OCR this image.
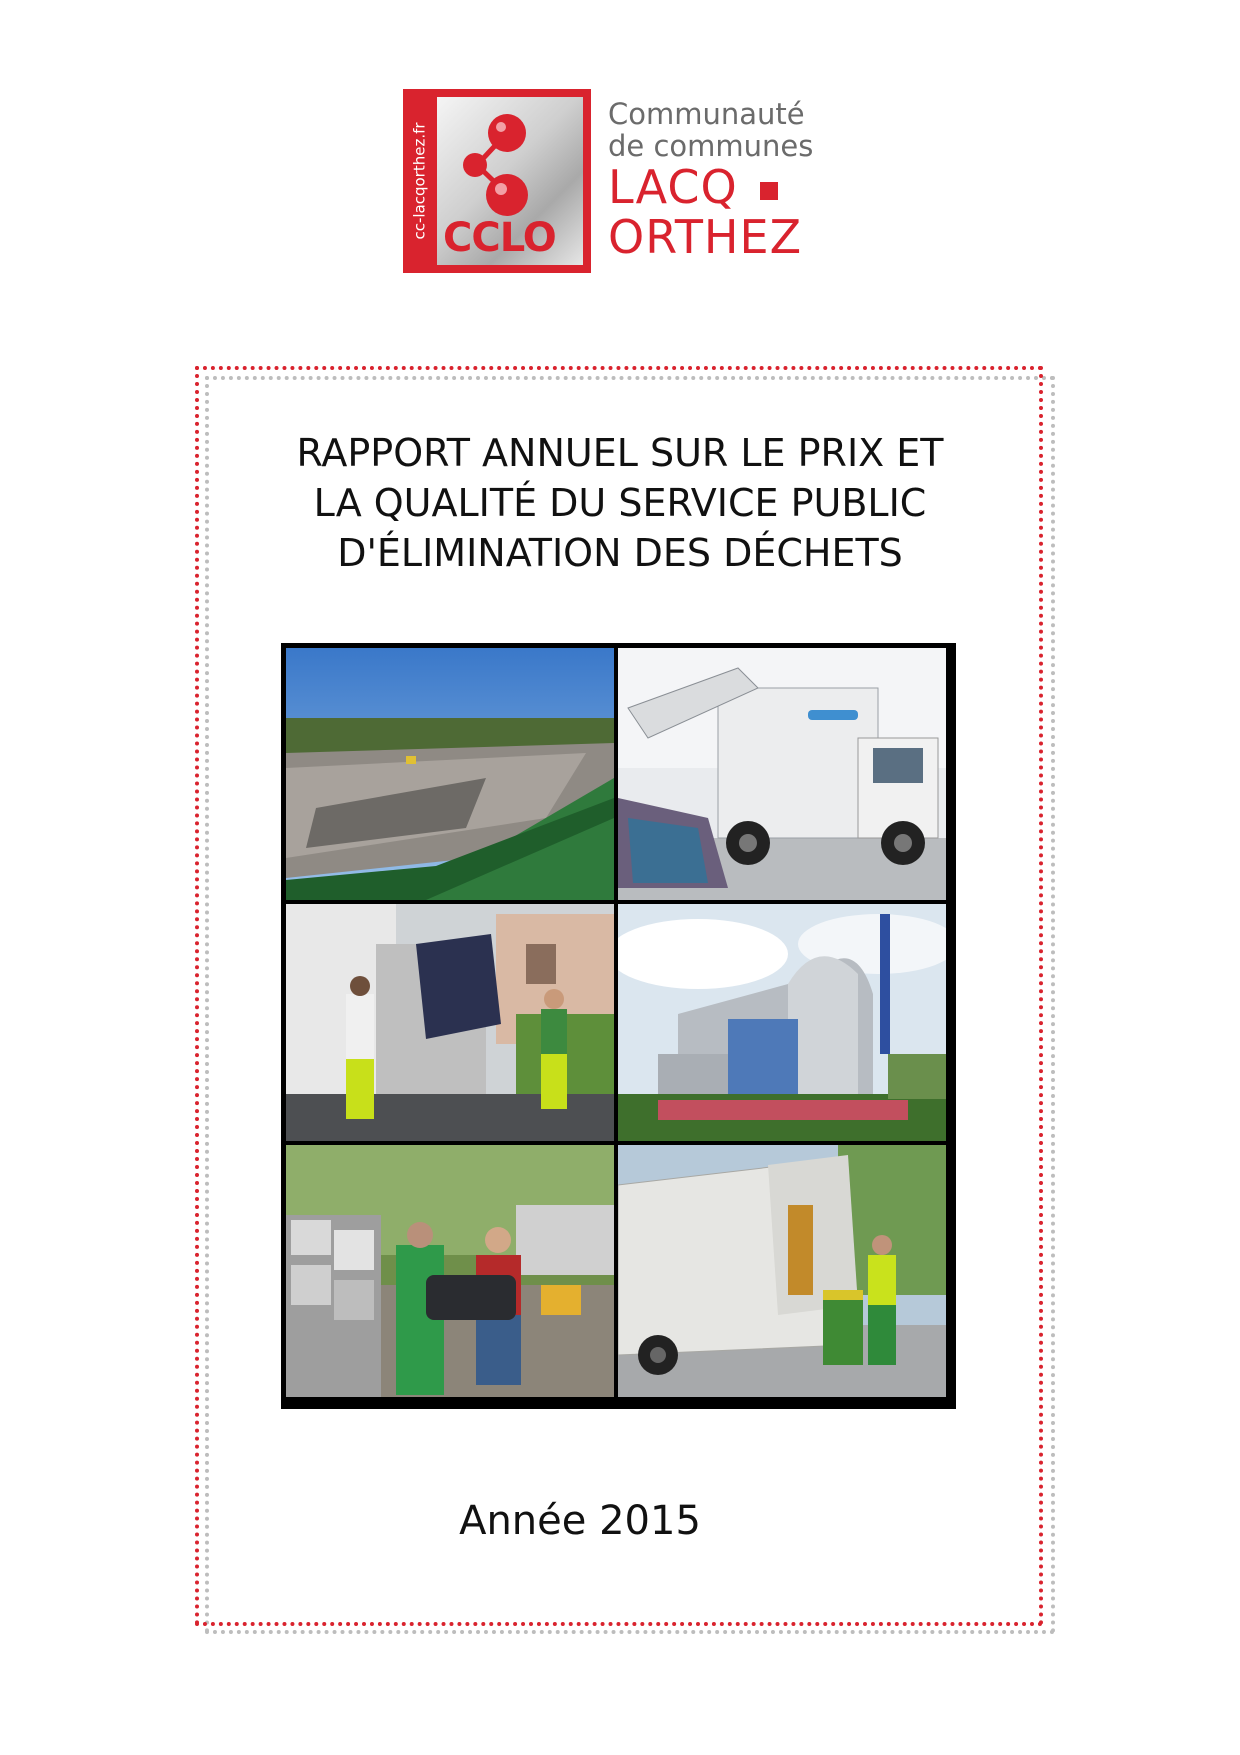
cc-lacqorthez.fr CCLO
Communauté
de communes
LACQ
ORTHEZ
RAPPORT ANNUEL SUR LE PRIX ET
LA QUALITÉ DU SERVICE PUBLIC
D'ÉLIMINATION DES DÉCHETS
Année 2015
